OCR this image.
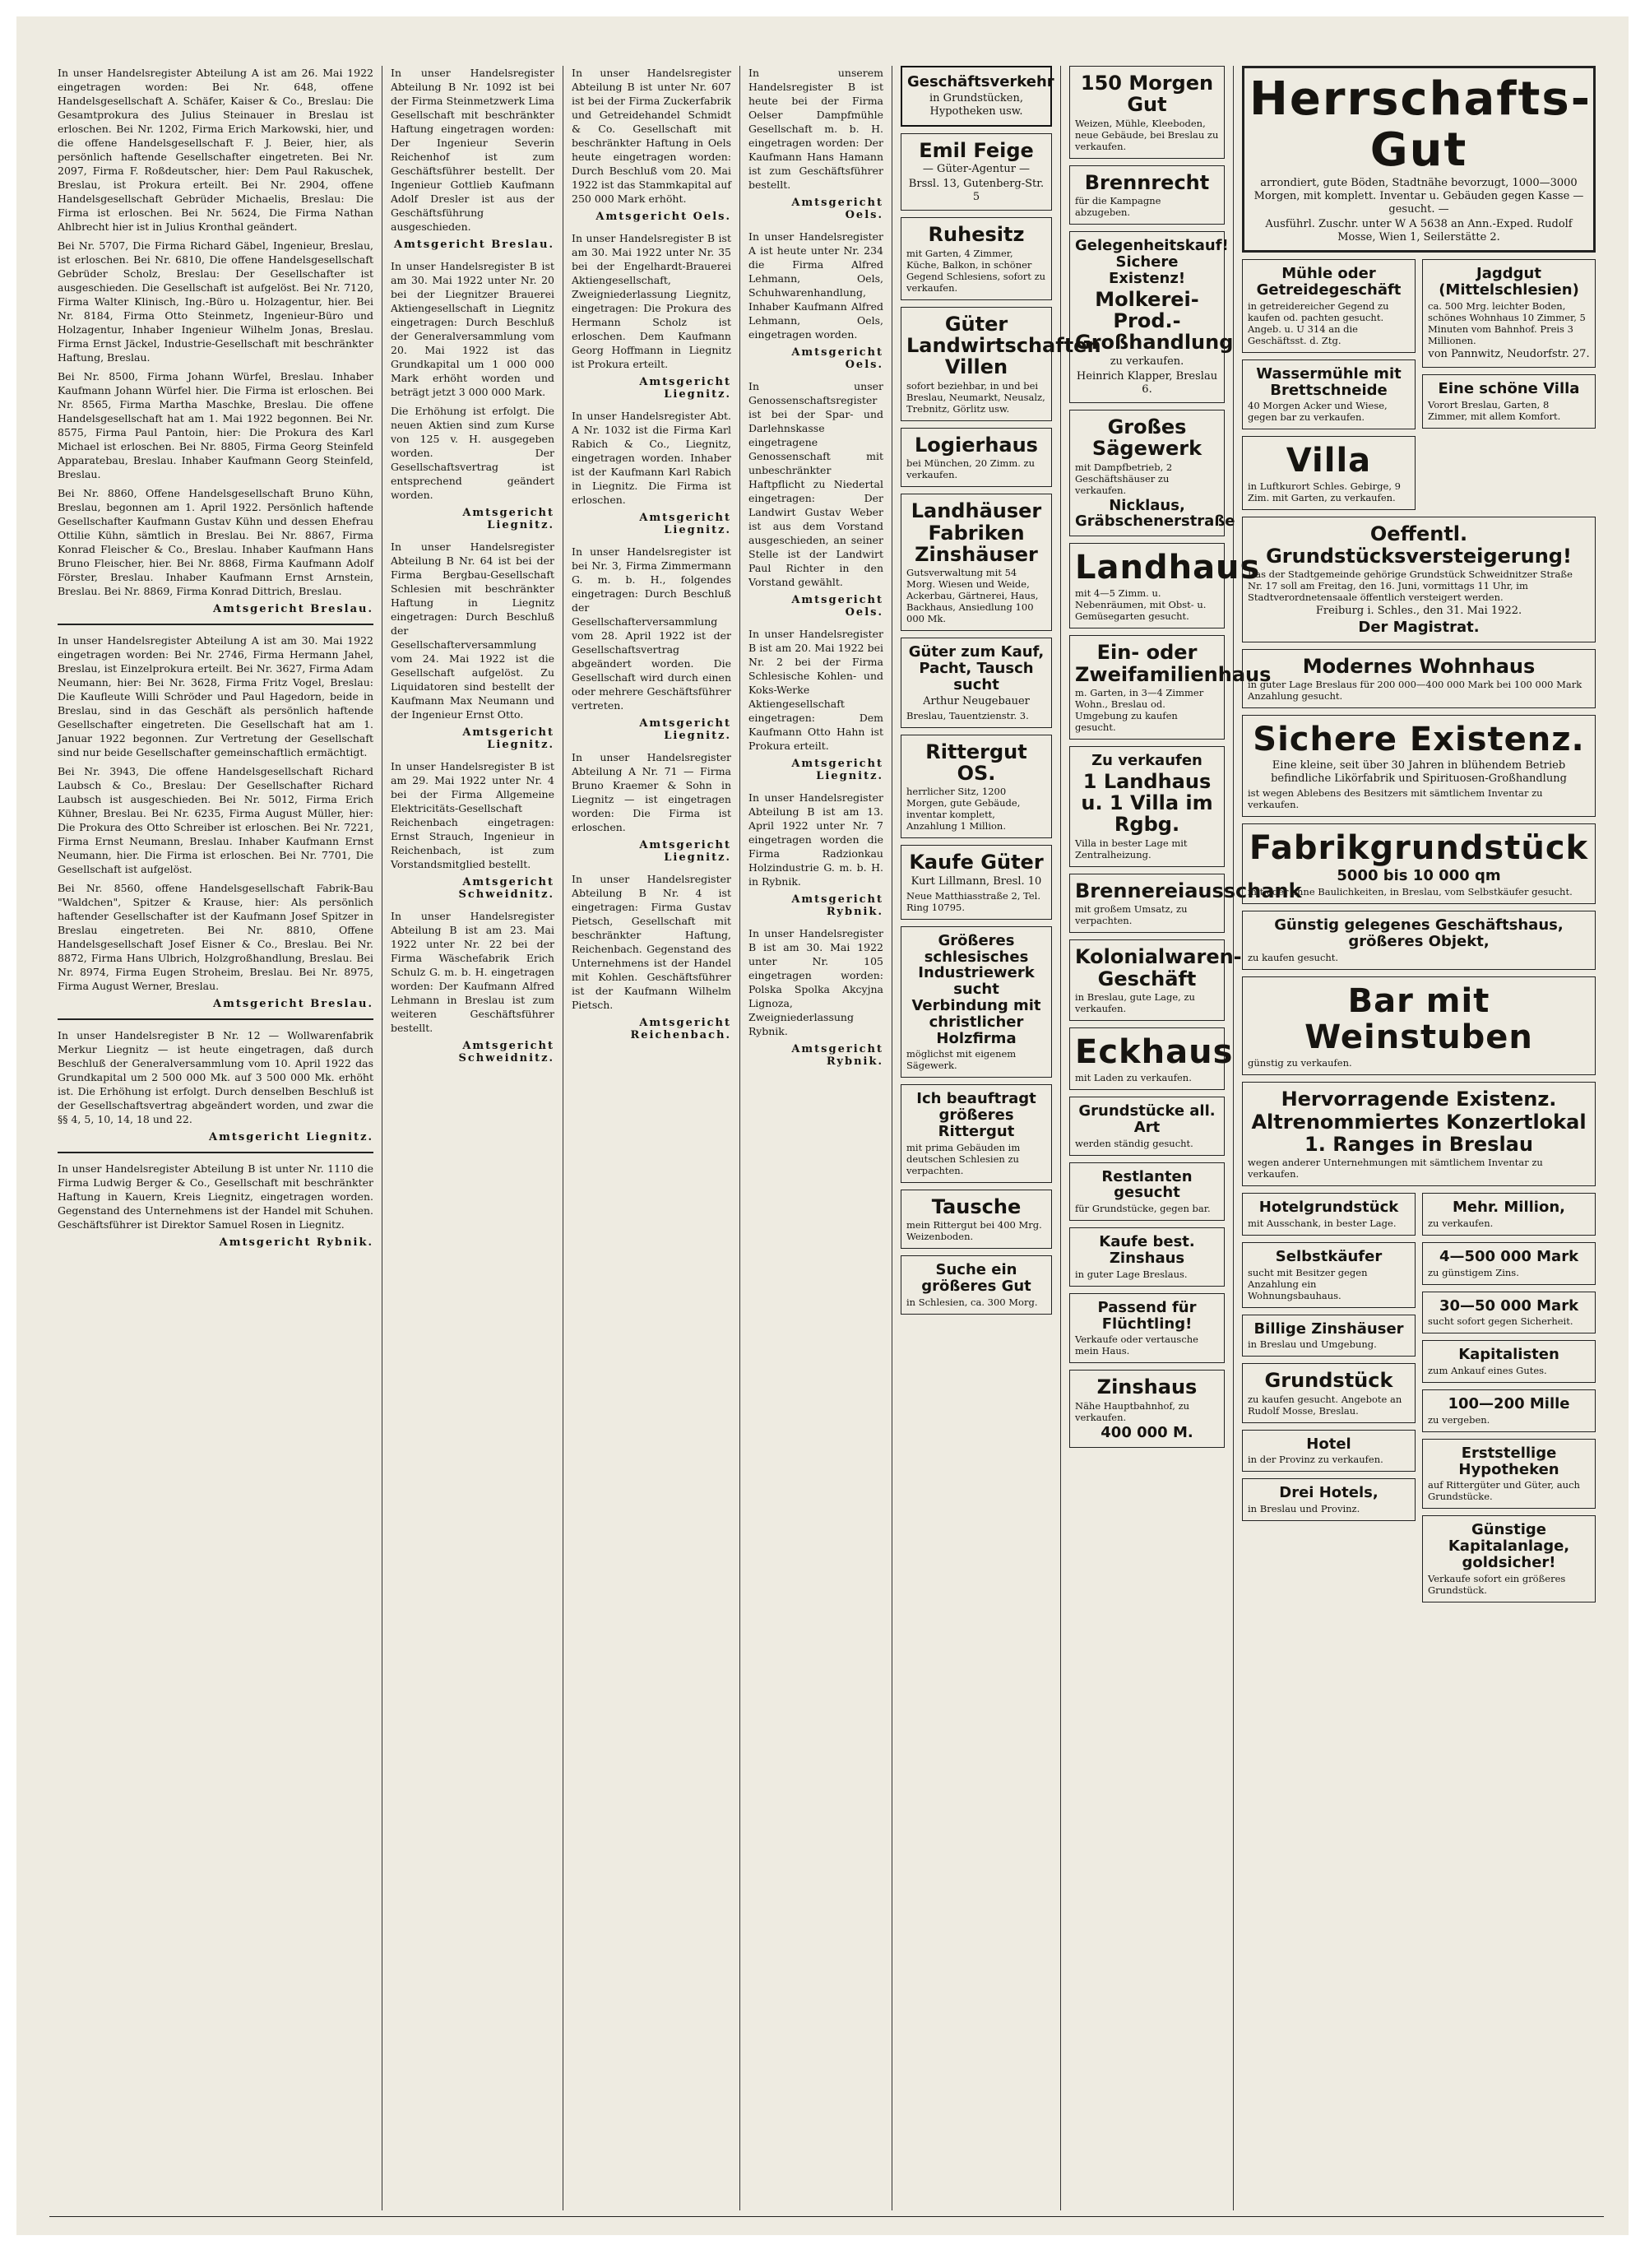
In unser Handelsregister Abteilung A ist am 26. Mai 1922 eingetragen worden: Bei Nr. 648, offene Handelsgesellschaft A. Schäfer, Kaiser & Co., Breslau: Die Gesamtprokura des Julius Steinauer in Breslau ist erloschen. Bei Nr. 1202, Firma Erich Markowski, hier, und die offene Handelsgesellschaft F. J. Beier, hier, als persönlich haftende Gesellschafter eingetreten. Bei Nr. 2097, Firma F. Roßdeutscher, hier: Dem Paul Rakuschek, Breslau, ist Prokura erteilt. Bei Nr. 2904, offene Handelsgesellschaft Gebrüder Michaelis, Breslau: Die Firma ist erloschen. Bei Nr. 5624, Die Firma Nathan Ahlbrecht hier ist in Julius Kronthal geändert.

Bei Nr. 5707, Die Firma Richard Gäbel, Ingenieur, Breslau, ist erloschen. Bei Nr. 6810, Die offene Handelsgesellschaft Gebrüder Scholz, Breslau: Der Gesellschafter ist ausgeschieden. Die Gesellschaft ist aufgelöst. Bei Nr. 7120, Firma Walter Klinisch, Ing.-Büro u. Holzagentur, hier. Bei Nr. 8184, Firma Otto Steinmetz, Ingenieur-Büro und Holzagentur, Inhaber Ingenieur Wilhelm Jonas, Breslau. Firma Ernst Jäckel, Industrie-Gesellschaft mit beschränkter Haftung, Breslau.

Bei Nr. 8500, Firma Johann Würfel, Breslau. Inhaber Kaufmann Johann Würfel hier. Die Firma ist erloschen. Bei Nr. 8565, Firma Martha Maschke, Breslau. Die offene Handelsgesellschaft hat am 1. Mai 1922 begonnen. Bei Nr. 8575, Firma Paul Pantoin, hier: Die Prokura des Karl Michael ist erloschen. Bei Nr. 8805, Firma Georg Steinfeld Apparatebau, Breslau. Inhaber Kaufmann Georg Steinfeld, Breslau.

Bei Nr. 8860, Offene Handelsgesellschaft Bruno Kühn, Breslau, begonnen am 1. April 1922. Persönlich haftende Gesellschafter Kaufmann Gustav Kühn und dessen Ehefrau Ottilie Kühn, sämtlich in Breslau. Bei Nr. 8867, Firma Konrad Fleischer & Co., Breslau. Inhaber Kaufmann Hans Bruno Fleischer, hier. Bei Nr. 8868, Firma Kaufmann Adolf Förster, Breslau. Inhaber Kaufmann Ernst Arnstein, Breslau. Bei Nr. 8869, Firma Konrad Dittrich, Breslau.

Amtsgericht Breslau.

In unser Handelsregister Abteilung A ist am 30. Mai 1922 eingetragen worden: Bei Nr. 2746, Firma Hermann Jahel, Breslau, ist Einzelprokura erteilt. Bei Nr. 3627, Firma Adam Neumann, hier: Bei Nr. 3628, Firma Fritz Vogel, Breslau: Die Kaufleute Willi Schröder und Paul Hagedorn, beide in Breslau, sind in das Geschäft als persönlich haftende Gesellschafter eingetreten. Die Gesellschaft hat am 1. Januar 1922 begonnen. Zur Vertretung der Gesellschaft sind nur beide Gesellschafter gemeinschaftlich ermächtigt.

Bei Nr. 3943, Die offene Handelsgesellschaft Richard Laubsch & Co., Breslau: Der Gesellschafter Richard Laubsch ist ausgeschieden. Bei Nr. 5012, Firma Erich Kühner, Breslau. Bei Nr. 6235, Firma August Müller, hier: Die Prokura des Otto Schreiber ist erloschen. Bei Nr. 7221, Firma Ernst Neumann, Breslau. Inhaber Kaufmann Ernst Neumann, hier. Die Firma ist erloschen. Bei Nr. 7701, Die Gesellschaft ist aufgelöst.

Bei Nr. 8560, offene Handelsgesellschaft Fabrik-Bau "Waldchen", Spitzer & Krause, hier: Als persönlich haftender Gesellschafter ist der Kaufmann Josef Spitzer in Breslau eingetreten. Bei Nr. 8810, Offene Handelsgesellschaft Josef Eisner & Co., Breslau. Bei Nr. 8872, Firma Hans Ulbrich, Holzgroßhandlung, Breslau. Bei Nr. 8974, Firma Eugen Stroheim, Breslau. Bei Nr. 8975, Firma August Werner, Breslau.

Amtsgericht Breslau.

In unser Handelsregister B Nr. 12 — Wollwarenfabrik Merkur Liegnitz — ist heute eingetragen, daß durch Beschluß der Generalversammlung vom 10. April 1922 das Grundkapital um 2 500 000 Mk. auf 3 500 000 Mk. erhöht ist. Die Erhöhung ist erfolgt. Durch denselben Beschluß ist der Gesellschaftsvertrag abgeändert worden, und zwar die §§ 4, 5, 10, 14, 18 und 22.

Amtsgericht Liegnitz.

In unser Handelsregister Abteilung B ist unter Nr. 1110 die Firma Ludwig Berger & Co., Gesellschaft mit beschränkter Haftung in Kauern, Kreis Liegnitz, eingetragen worden. Gegenstand des Unternehmens ist der Handel mit Schuhen. Geschäftsführer ist Direktor Samuel Rosen in Liegnitz.

Amtsgericht Rybnik.

In unser Handelsregister Abteilung B Nr. 1092 ist bei der Firma Steinmetzwerk Lima Gesellschaft mit beschränkter Haftung eingetragen worden: Der Ingenieur Severin Reichenhof ist zum Geschäftsführer bestellt. Der Ingenieur Gottlieb Kaufmann Adolf Dresler ist aus der Geschäftsführung ausgeschieden.

Amtsgericht Breslau.

In unser Handelsregister B ist am 30. Mai 1922 unter Nr. 20 bei der Liegnitzer Brauerei Aktiengesellschaft in Liegnitz eingetragen: Durch Beschluß der Generalversammlung vom 20. Mai 1922 ist das Grundkapital um 1 000 000 Mark erhöht worden und beträgt jetzt 3 000 000 Mark.

Die Erhöhung ist erfolgt. Die neuen Aktien sind zum Kurse von 125 v. H. ausgegeben worden. Der Gesellschaftsvertrag ist entsprechend geändert worden.

Amtsgericht Liegnitz.

In unser Handelsregister Abteilung B Nr. 64 ist bei der Firma Bergbau-Gesellschaft Schlesien mit beschränkter Haftung in Liegnitz eingetragen: Durch Beschluß der Gesellschafterversammlung vom 24. Mai 1922 ist die Gesellschaft aufgelöst. Zu Liquidatoren sind bestellt der Kaufmann Max Neumann und der Ingenieur Ernst Otto.

Amtsgericht Liegnitz.

In unser Handelsregister B ist am 29. Mai 1922 unter Nr. 4 bei der Firma Allgemeine Elektricitäts-Gesellschaft Reichenbach eingetragen: Ernst Strauch, Ingenieur in Reichenbach, ist zum Vorstandsmitglied bestellt.

Amtsgericht Schweidnitz.

In unser Handelsregister Abteilung B ist am 23. Mai 1922 unter Nr. 22 bei der Firma Wäschefabrik Erich Schulz G. m. b. H. eingetragen worden: Der Kaufmann Alfred Lehmann in Breslau ist zum weiteren Geschäftsführer bestellt.

Amtsgericht Schweidnitz.

In unser Handelsregister Abteilung B ist unter Nr. 607 ist bei der Firma Zuckerfabrik und Getreidehandel Schmidt & Co. Gesellschaft mit beschränkter Haftung in Oels heute eingetragen worden: Durch Beschluß vom 20. Mai 1922 ist das Stammkapital auf 250 000 Mark erhöht.

Amtsgericht Oels.

In unser Handelsregister B ist am 30. Mai 1922 unter Nr. 35 bei der Engelhardt-Brauerei Aktiengesellschaft, Zweigniederlassung Liegnitz, eingetragen: Die Prokura des Hermann Scholz ist erloschen. Dem Kaufmann Georg Hoffmann in Liegnitz ist Prokura erteilt.

Amtsgericht Liegnitz.

In unser Handelsregister Abt. A Nr. 1032 ist die Firma Karl Rabich & Co., Liegnitz, eingetragen worden. Inhaber ist der Kaufmann Karl Rabich in Liegnitz. Die Firma ist erloschen.

Amtsgericht Liegnitz.

In unser Handelsregister ist bei Nr. 3, Firma Zimmermann G. m. b. H., folgendes eingetragen: Durch Beschluß der Gesellschafterversammlung vom 28. April 1922 ist der Gesellschaftsvertrag abgeändert worden. Die Gesellschaft wird durch einen oder mehrere Geschäftsführer vertreten.

Amtsgericht Liegnitz.

In unser Handelsregister Abteilung A Nr. 71 — Firma Bruno Kraemer & Sohn in Liegnitz — ist eingetragen worden: Die Firma ist erloschen.

Amtsgericht Liegnitz.

In unser Handelsregister Abteilung B Nr. 4 ist eingetragen: Firma Gustav Pietsch, Gesellschaft mit beschränkter Haftung, Reichenbach. Gegenstand des Unternehmens ist der Handel mit Kohlen. Geschäftsführer ist der Kaufmann Wilhelm Pietsch.

Amtsgericht Reichenbach.

In unserem Handelsregister B ist heute bei der Firma Oelser Dampfmühle Gesellschaft m. b. H. eingetragen worden: Der Kaufmann Hans Hamann ist zum Geschäftsführer bestellt.

Amtsgericht Oels.

In unser Handelsregister A ist heute unter Nr. 234 die Firma Alfred Lehmann, Oels, Schuhwarenhandlung, Inhaber Kaufmann Alfred Lehmann, Oels, eingetragen worden.

Amtsgericht Oels.

In unser Genossenschaftsregister ist bei der Spar- und Darlehnskasse eingetragene Genossenschaft mit unbeschränkter Haftpflicht zu Niedertal eingetragen: Der Landwirt Gustav Weber ist aus dem Vorstand ausgeschieden, an seiner Stelle ist der Landwirt Paul Richter in den Vorstand gewählt.

Amtsgericht Oels.

In unser Handelsregister B ist am 20. Mai 1922 bei Nr. 2 bei der Firma Schlesische Kohlen- und Koks-Werke Aktiengesellschaft eingetragen: Dem Kaufmann Otto Hahn ist Prokura erteilt.

Amtsgericht Liegnitz.

In unser Handelsregister Abteilung B ist am 13. April 1922 unter Nr. 7 eingetragen worden die Firma Radzionkau Holzindustrie G. m. b. H. in Rybnik.

Amtsgericht Rybnik.

In unser Handelsregister B ist am 30. Mai 1922 unter Nr. 105 eingetragen worden: Polska Spolka Akcyjna Lignoza, Zweigniederlassung Rybnik.

Amtsgericht Rybnik.

Geschäftsverkehr
in Grundstücken, Hypotheken usw.
Emil Feige
— Güter-Agentur —
Brssl. 13, Gutenberg-Str. 5
Ruhesitz
mit Garten, 4 Zimmer, Küche, Balkon, in schöner Gegend Schlesiens, sofort zu verkaufen.
Güter Landwirtschaften Villen
sofort beziehbar, in und bei Breslau, Neumarkt, Neusalz, Trebnitz, Görlitz usw.
Logierhaus
bei München, 20 Zimm. zu verkaufen.
Landhäuser Fabriken Zinshäuser
Gutsverwaltung mit 54 Morg. Wiesen und Weide, Ackerbau, Gärtnerei, Haus, Backhaus, Ansiedlung 100 000 Mk.
Güter zum Kauf, Pacht, Tausch sucht
Arthur Neugebauer
Breslau, Tauentzienstr. 3.
Rittergut OS.
herrlicher Sitz, 1200 Morgen, gute Gebäude, inventar komplett, Anzahlung 1 Million.
Kaufe Güter
Kurt Lillmann, Bresl. 10
Neue Matthiasstraße 2, Tel. Ring 10795.
Größeres schlesisches Industriewerk sucht Verbindung mit christlicher Holzfirma
möglichst mit eigenem Sägewerk.
Ich beauftragt größeres Rittergut
mit prima Gebäuden im deutschen Schlesien zu verpachten.
Tausche
mein Rittergut bei 400 Mrg. Weizenboden.
Suche ein größeres Gut
in Schlesien, ca. 300 Morg.
150 Morgen Gut
Weizen, Mühle, Kleeboden, neue Gebäude, bei Breslau zu verkaufen.
Brennrecht
für die Kampagne abzugeben.
Gelegenheitskauf! Sichere Existenz!
Molkerei-Prod.-Großhandlung
zu verkaufen.
Heinrich Klapper, Breslau 6.
Großes Sägewerk
mit Dampfbetrieb, 2 Geschäftshäuser zu verkaufen.
Nicklaus, Gräbschenerstraße
Landhaus
mit 4—5 Zimm. u. Nebenräumen, mit Obst- u. Gemüsegarten gesucht.
Ein- oder Zweifamilienhaus
m. Garten, in 3—4 Zimmer Wohn., Breslau od. Umgebung zu kaufen gesucht.
Zu verkaufen
1 Landhaus u. 1 Villa im Rgbg.
Villa in bester Lage mit Zentralheizung.
Brennereiausschank
mit großem Umsatz, zu verpachten.
Kolonialwaren-Geschäft
in Breslau, gute Lage, zu verkaufen.
Eckhaus
mit Laden zu verkaufen.
Grundstücke all. Art
werden ständig gesucht.
Restlanten gesucht
für Grundstücke, gegen bar.
Kaufe best. Zinshaus
in guter Lage Breslaus.
Passend für Flüchtling!
Verkaufe oder vertausche mein Haus.
Zinshaus
Nähe Hauptbahnhof, zu verkaufen.
400 000 M.
Herrschafts-Gut
arrondiert, gute Böden, Stadtnähe bevorzugt, 1000—3000 Morgen, mit komplett. Inventar u. Gebäuden gegen Kasse — gesucht. —
Ausführl. Zuschr. unter W A 5638 an Ann.-Exped. Rudolf Mosse, Wien 1, Seilerstätte 2.
Mühle oder Getreidegeschäft
in getreidereicher Gegend zu kaufen od. pachten gesucht. Angeb. u. U 314 an die Geschäftsst. d. Ztg.
Wassermühle mit Brettschneide
40 Morgen Acker und Wiese, gegen bar zu verkaufen.
Villa
in Luftkurort Schles. Gebirge, 9 Zim. mit Garten, zu verkaufen.
Jagdgut (Mittelschlesien)
ca. 500 Mrg. leichter Boden, schönes Wohnhaus 10 Zimmer, 5 Minuten vom Bahnhof. Preis 3 Millionen.
von Pannwitz, Neudorfstr. 27.
Eine schöne Villa
Vorort Breslau, Garten, 8 Zimmer, mit allem Komfort.
Oeffentl. Grundstücksversteigerung!
Das der Stadtgemeinde gehörige Grundstück Schweidnitzer Straße Nr. 17 soll am Freitag, den 16. Juni, vormittags 11 Uhr, im Stadtverordnetensaale öffentlich versteigert werden.
Freiburg i. Schles., den 31. Mai 1922.
Der Magistrat.
Modernes Wohnhaus
in guter Lage Breslaus für 200 000—400 000 Mark bei 100 000 Mark Anzahlung gesucht.
Sichere Existenz.
Eine kleine, seit über 30 Jahren in blühendem Betrieb befindliche Likörfabrik und Spirituosen-Großhandlung
ist wegen Ablebens des Besitzers mit sämtlichem Inventar zu verkaufen.
Fabrikgrundstück
5000 bis 10 000 qm
mit oder ohne Baulichkeiten, in Breslau, vom Selbstkäufer gesucht.
Günstig gelegenes Geschäftshaus, größeres Objekt,
zu kaufen gesucht.
Bar mit Weinstuben
günstig zu verkaufen.
Hervorragende Existenz.
Altrenommiertes Konzertlokal 1. Ranges in Breslau
wegen anderer Unternehmungen mit sämtlichem Inventar zu verkaufen.
Hotelgrundstück
mit Ausschank, in bester Lage.
Selbstkäufer
sucht mit Besitzer gegen Anzahlung ein Wohnungsbauhaus.
Billige Zinshäuser
in Breslau und Umgebung.
Grundstück
zu kaufen gesucht. Angebote an Rudolf Mosse, Breslau.
Hotel
in der Provinz zu verkaufen.
Drei Hotels,
in Breslau und Provinz.
Mehr. Million,
zu verkaufen.
4—500 000 Mark
zu günstigem Zins.
30—50 000 Mark
sucht sofort gegen Sicherheit.
Kapitalisten
zum Ankauf eines Gutes.
100—200 Mille
zu vergeben.
Erststellige Hypotheken
auf Rittergüter und Güter, auch Grundstücke.
Günstige Kapitalanlage, goldsicher!
Verkaufe sofort ein größeres Grundstück.
